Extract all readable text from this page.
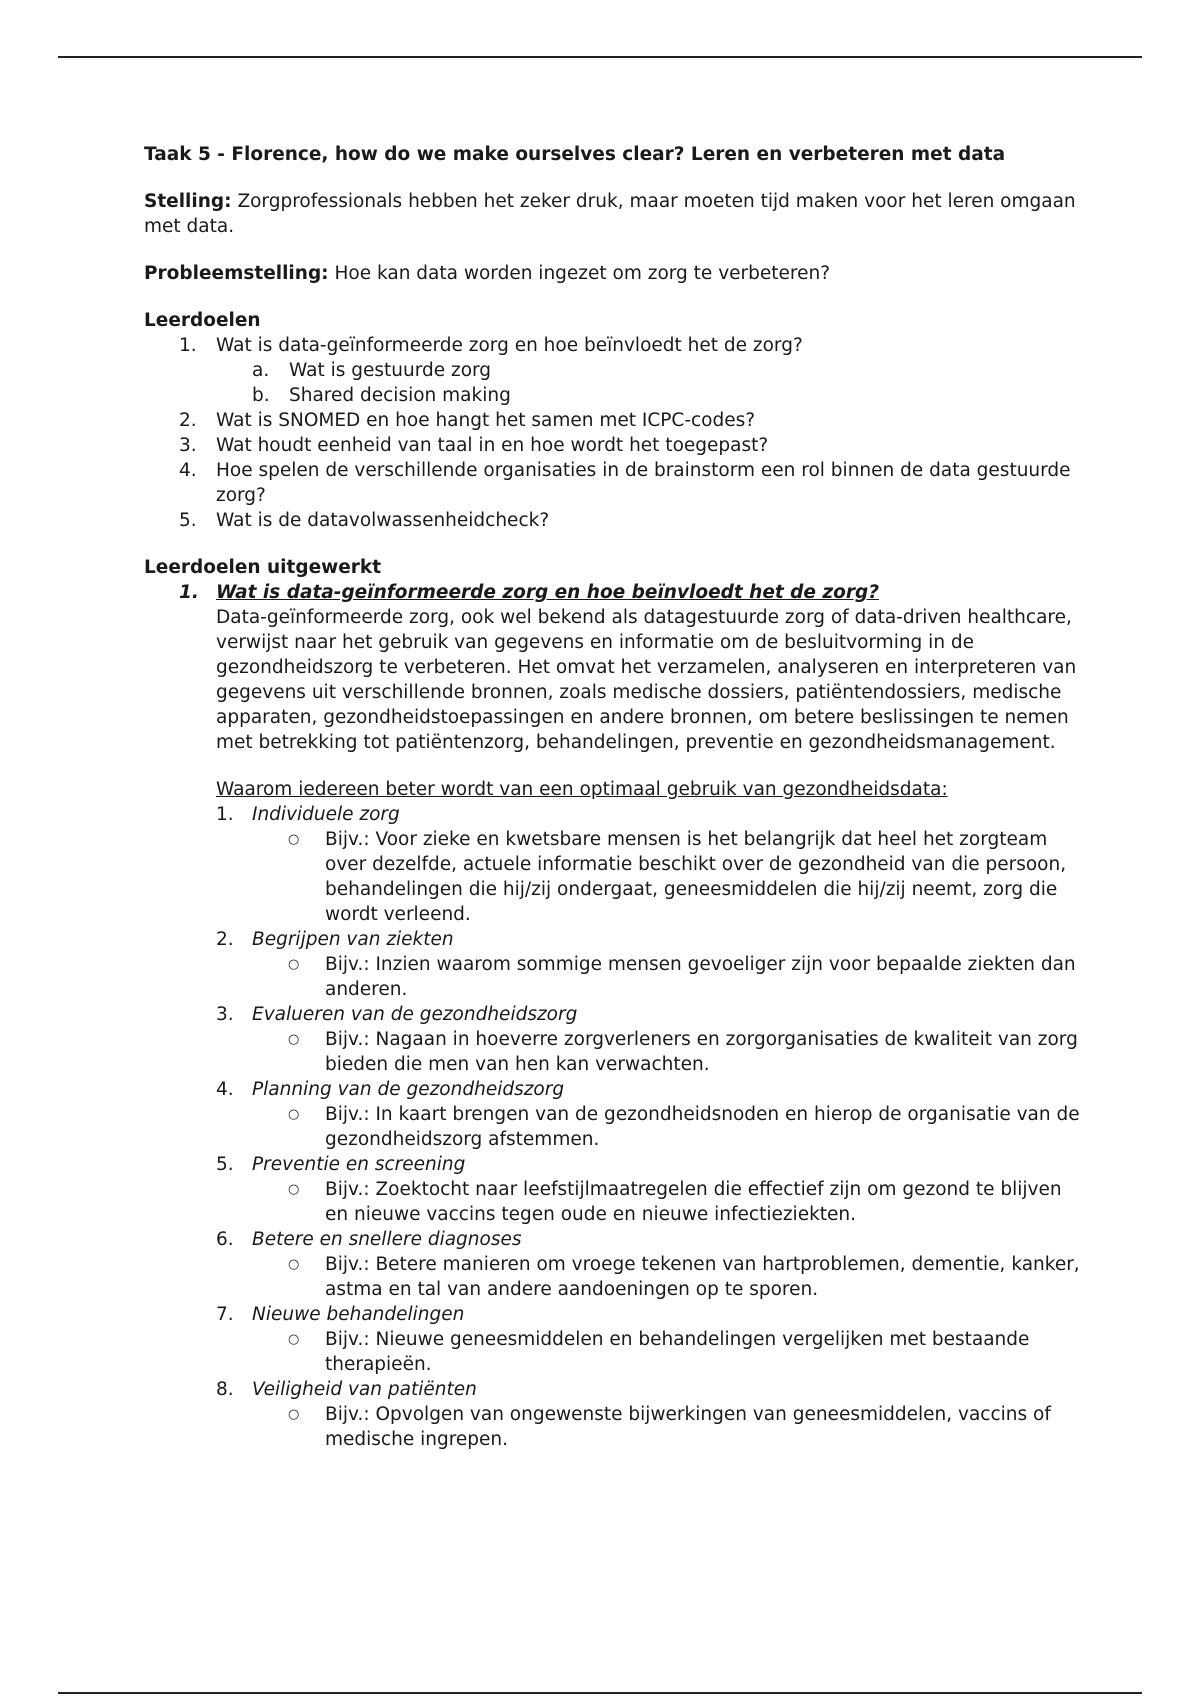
Taak 5 - Florence, how do we make ourselves clear? Leren en verbeteren met data

Stelling: Zorgprofessionals hebben het zeker druk, maar moeten tijd maken voor het leren omgaan met data.

Probleemstelling: Hoe kan data worden ingezet om zorg te verbeteren?

Leerdoelen
1. Wat is data-geïnformeerde zorg en hoe beïnvloedt het de zorg?
a. Wat is gestuurde zorg
b. Shared decision making
2. Wat is SNOMED en hoe hangt het samen met ICPC-codes?
3. Wat houdt eenheid van taal in en hoe wordt het toegepast?
4. Hoe spelen de verschillende organisaties in de brainstorm een rol binnen de data gestuurde zorg?
5. Wat is de datavolwassenheidcheck?
Leerdoelen uitgewerkt
1. Wat is data-geïnformeerde zorg en hoe beïnvloedt het de zorg?
Data-geïnformeerde zorg, ook wel bekend als datagestuurde zorg of data-driven healthcare, verwijst naar het gebruik van gegevens en informatie om de besluitvorming in de gezondheidszorg te verbeteren. Het omvat het verzamelen, analyseren en interpreteren van gegevens uit verschillende bronnen, zoals medische dossiers, patiëntendossiers, medische apparaten, gezondheidstoepassingen en andere bronnen, om betere beslissingen te nemen met betrekking tot patiëntenzorg, behandelingen, preventie en gezondheidsmanagement.
Waarom iedereen beter wordt van een optimaal gebruik van gezondheidsdata:
1. Individuele zorg
○ Bijv.: Voor zieke en kwetsbare mensen is het belangrijk dat heel het zorgteam over dezelfde, actuele informatie beschikt over de gezondheid van die persoon, behandelingen die hij/zij ondergaat, geneesmiddelen die hij/zij neemt, zorg die wordt verleend.
2. Begrijpen van ziekten
○ Bijv.: Inzien waarom sommige mensen gevoeliger zijn voor bepaalde ziekten dan anderen.
3. Evalueren van de gezondheidszorg
○ Bijv.: Nagaan in hoeverre zorgverleners en zorgorganisaties de kwaliteit van zorg bieden die men van hen kan verwachten.
4. Planning van de gezondheidszorg
○ Bijv.: In kaart brengen van de gezondheidsnoden en hierop de organisatie van de gezondheidszorg afstemmen.
5. Preventie en screening
○ Bijv.: Zoektocht naar leefstijlmaatregelen die effectief zijn om gezond te blijven en nieuwe vaccins tegen oude en nieuwe infectieziekten.
6. Betere en snellere diagnoses
○ Bijv.: Betere manieren om vroege tekenen van hartproblemen, dementie, kanker, astma en tal van andere aandoeningen op te sporen.
7. Nieuwe behandelingen
○ Bijv.: Nieuwe geneesmiddelen en behandelingen vergelijken met bestaande therapieën.
8. Veiligheid van patiënten
○ Bijv.: Opvolgen van ongewenste bijwerkingen van geneesmiddelen, vaccins of medische ingrepen.
